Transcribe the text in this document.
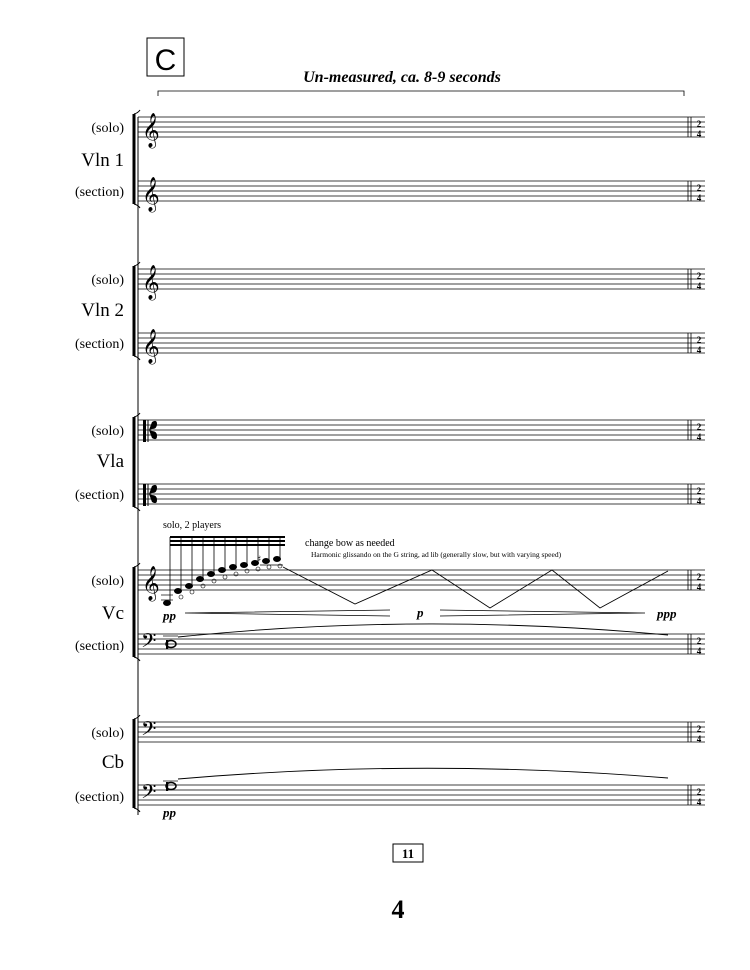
C
Un-measured, ca. 8-9 seconds
(solo)
Vln 1
(section)
(solo)
Vln 2
(section)
(solo)
Vla
(section)
(solo)
Vc
(section)
(solo)
Cb
(section)
𝄞
𝄞
𝄞
𝄞
𝄞
𝄢
𝄢
𝄢
2
4
2
4
2
4
2
4
2
4
2
4
2
4
2
4
2
4
2
4
solo, 2 players
change bow as needed
Harmonic glissando on the G string, ad lib (generally slow, but with varying speed)
♯
pp	p	ppp
pp
11
4
